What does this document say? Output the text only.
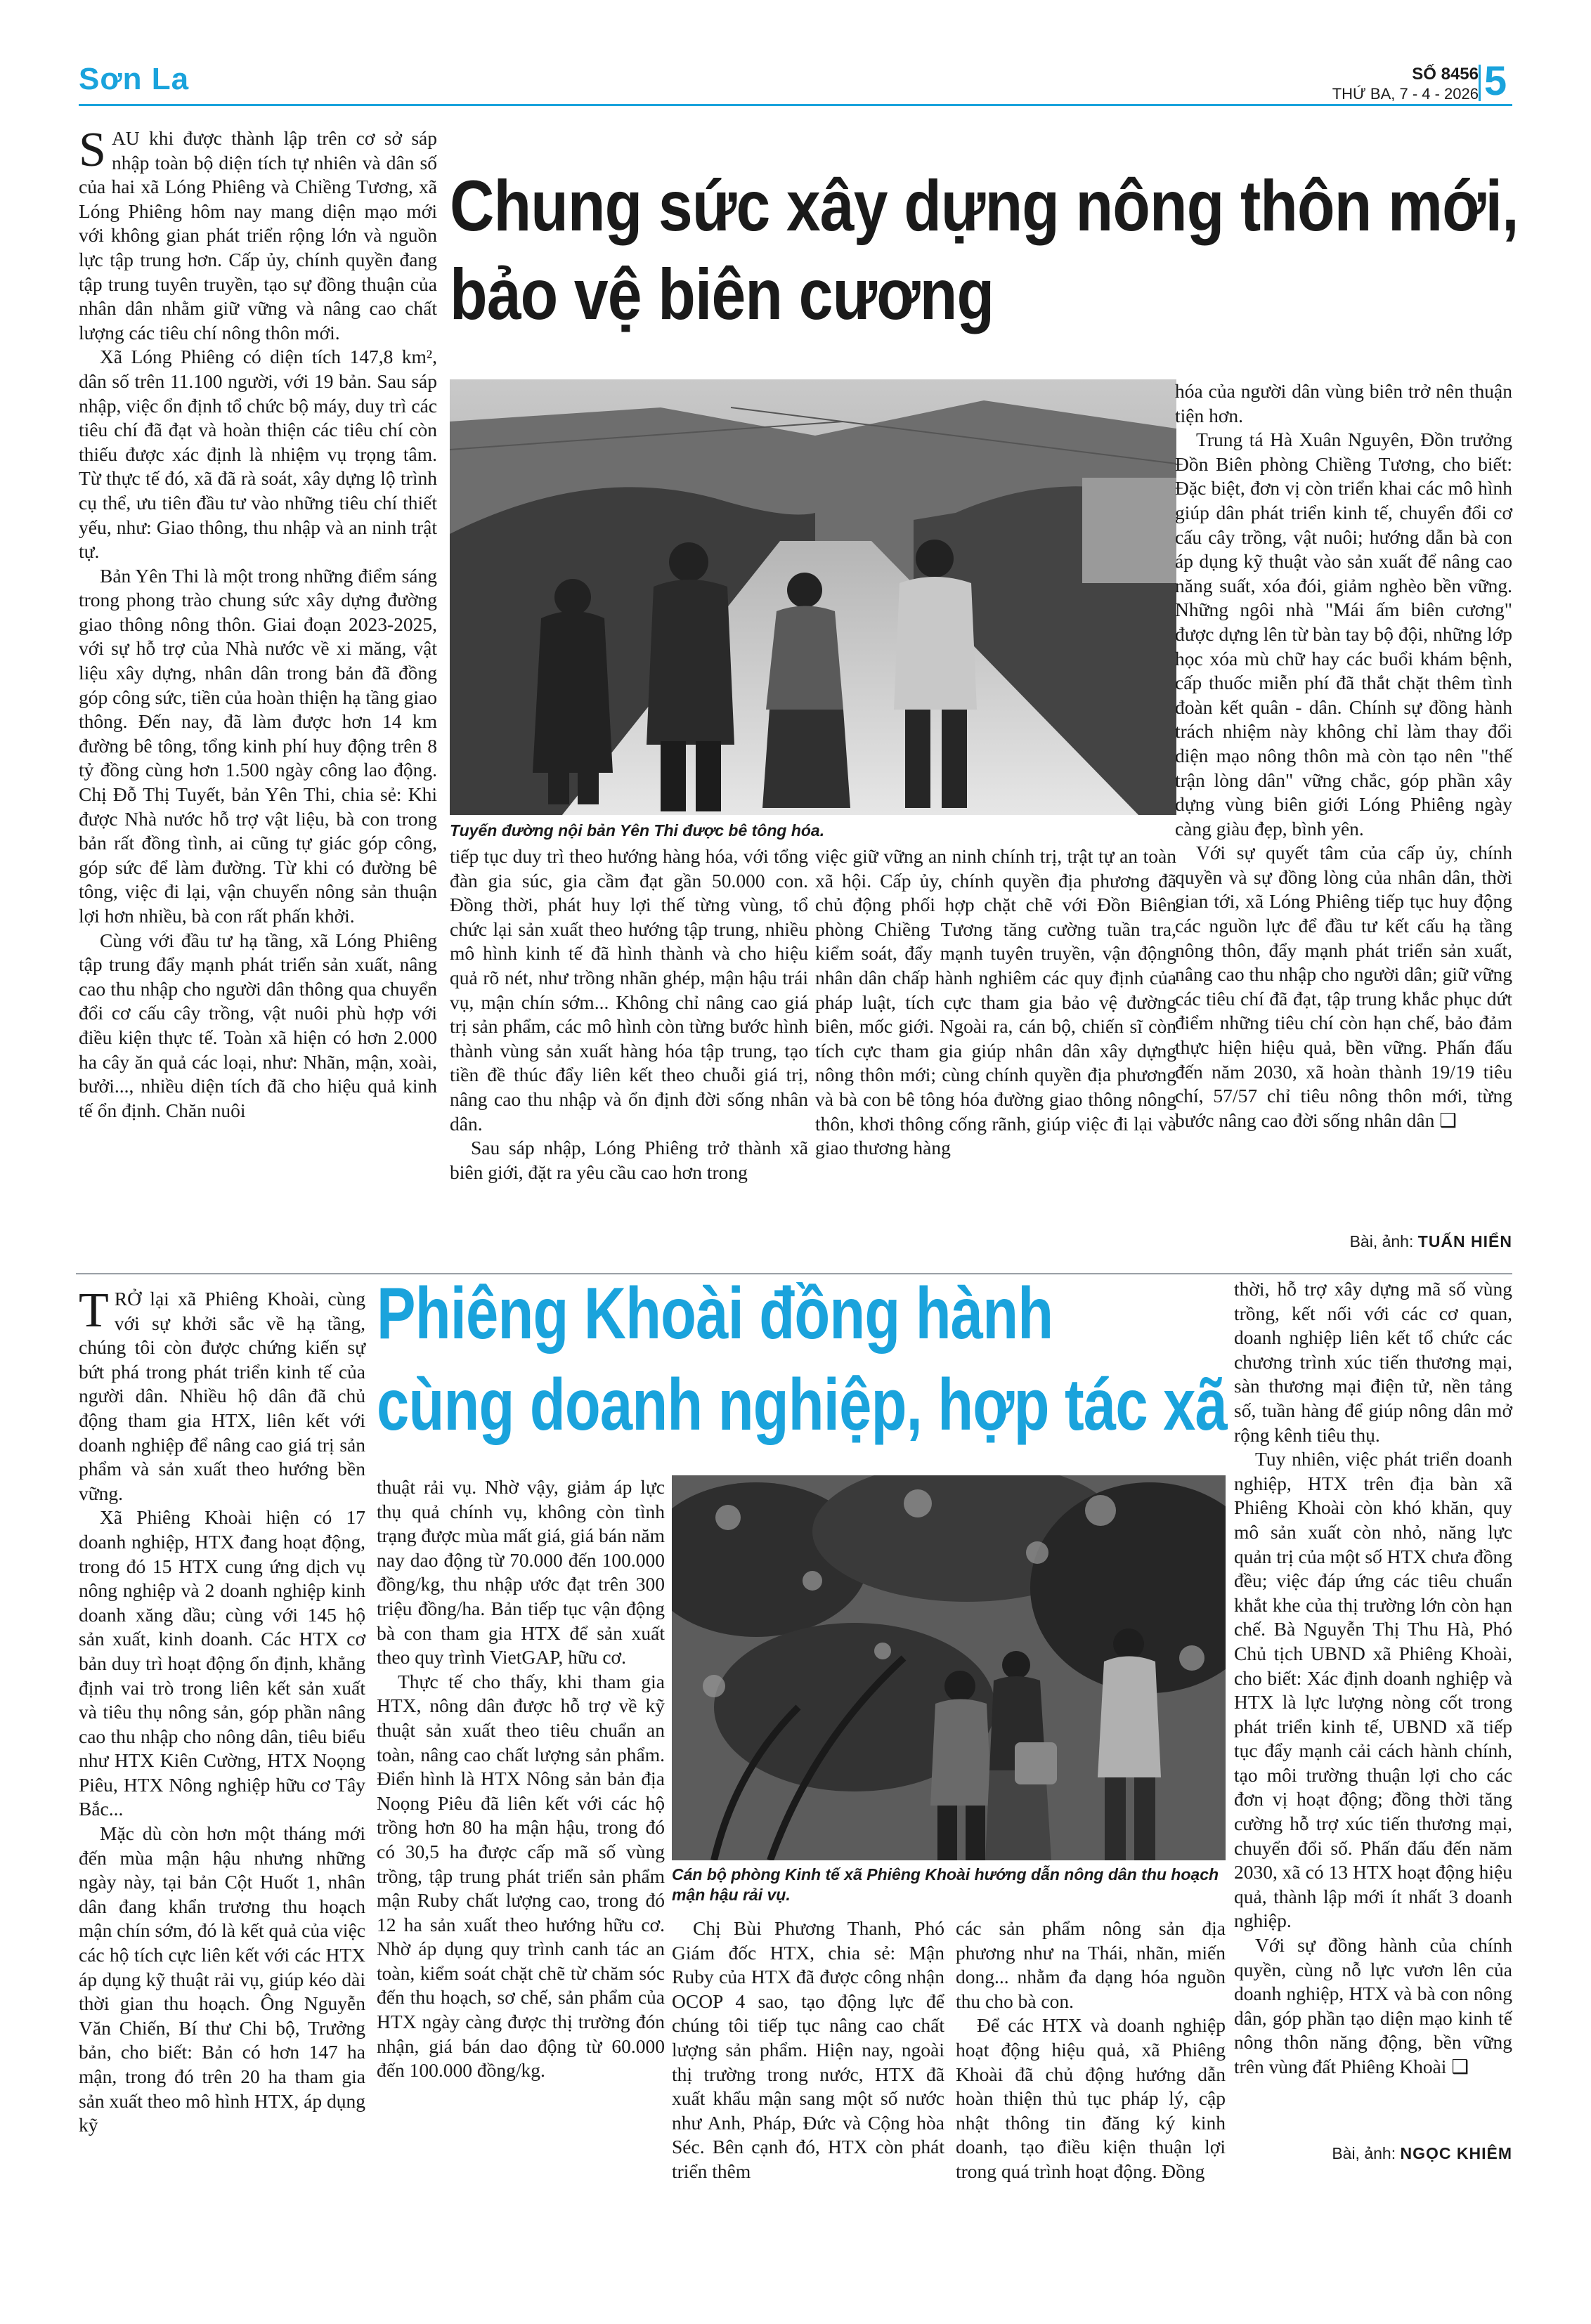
Sơn La	SỐ 8456
THỨ BA, 7 - 4 - 2026 5
Chung sức xây dựng nông thôn mới,
bảo vệ biên cương
SAU khi được thành lập trên cơ sở sáp nhập toàn bộ diện tích tự nhiên và dân số của hai xã Lóng Phiêng và Chiềng Tương, xã Lóng Phiêng hôm nay mang diện mạo mới với không gian phát triển rộng lớn và nguồn lực tập trung hơn. Cấp ủy, chính quyền đang tập trung tuyên truyền, tạo sự đồng thuận của nhân dân nhằm giữ vững và nâng cao chất lượng các tiêu chí nông thôn mới.
Xã Lóng Phiêng có diện tích 147,8 km², dân số trên 11.100 người, với 19 bản. Sau sáp nhập, việc ổn định tổ chức bộ máy, duy trì các tiêu chí đã đạt và hoàn thiện các tiêu chí còn thiếu được xác định là nhiệm vụ trọng tâm. Từ thực tế đó, xã đã rà soát, xây dựng lộ trình cụ thể, ưu tiên đầu tư vào những tiêu chí thiết yếu, như: Giao thông, thu nhập và an ninh trật tự.
Bản Yên Thi là một trong những điểm sáng trong phong trào chung sức xây dựng đường giao thông nông thôn. Giai đoạn 2023-2025, với sự hỗ trợ của Nhà nước về xi măng, vật liệu xây dựng, nhân dân trong bản đã đồng góp công sức, tiền của hoàn thiện hạ tầng giao thông. Đến nay, đã làm được hơn 14 km đường bê tông, tổng kinh phí huy động trên 8 tỷ đồng cùng hơn 1.500 ngày công lao động. Chị Đỗ Thị Tuyết, bản Yên Thi, chia sẻ: Khi được Nhà nước hỗ trợ vật liệu, bà con trong bản rất đồng tình, ai cũng tự giác góp công, góp sức để làm đường. Từ khi có đường bê tông, việc đi lại, vận chuyển nông sản thuận lợi hơn nhiều, bà con rất phấn khởi.
Cùng với đầu tư hạ tầng, xã Lóng Phiêng tập trung đẩy mạnh phát triển sản xuất, nâng cao thu nhập cho người dân thông qua chuyển đổi cơ cấu cây trồng, vật nuôi phù hợp với điều kiện thực tế. Toàn xã hiện có hơn 2.000 ha cây ăn quả các loại, như: Nhãn, mận, xoài, bưởi..., nhiều diện tích đã cho hiệu quả kinh tế ổn định. Chăn nuôi
Tuyến đường nội bản Yên Thi được bê tông hóa.
tiếp tục duy trì theo hướng hàng hóa, với tổng đàn gia súc, gia cầm đạt gần 50.000 con. Đồng thời, phát huy lợi thế từng vùng, tổ chức lại sản xuất theo hướng tập trung, nhiều mô hình kinh tế đã hình thành và cho hiệu quả rõ nét, như trồng nhãn ghép, mận hậu trái vụ, mận chín sớm... Không chỉ nâng cao giá trị sản phẩm, các mô hình còn từng bước hình thành vùng sản xuất hàng hóa tập trung, tạo tiền đề thúc đẩy liên kết theo chuỗi giá trị, nâng cao thu nhập và ổn định đời sống nhân dân.
Sau sáp nhập, Lóng Phiêng trở thành xã biên giới, đặt ra yêu cầu cao hơn trong
việc giữ vững an ninh chính trị, trật tự an toàn xã hội. Cấp ủy, chính quyền địa phương đã chủ động phối hợp chặt chẽ với Đồn Biên phòng Chiềng Tương tăng cường tuần tra, kiểm soát, đẩy mạnh tuyên truyền, vận động nhân dân chấp hành nghiêm các quy định của pháp luật, tích cực tham gia bảo vệ đường biên, mốc giới. Ngoài ra, cán bộ, chiến sĩ còn tích cực tham gia giúp nhân dân xây dựng nông thôn mới; cùng chính quyền địa phương và bà con bê tông hóa đường giao thông nông thôn, khơi thông cống rãnh, giúp việc đi lại và giao thương hàng
hóa của người dân vùng biên trở nên thuận tiện hơn.
Trung tá Hà Xuân Nguyên, Đồn trưởng Đồn Biên phòng Chiềng Tương, cho biết: Đặc biệt, đơn vị còn triển khai các mô hình giúp dân phát triển kinh tế, chuyển đổi cơ cấu cây trồng, vật nuôi; hướng dẫn bà con áp dụng kỹ thuật vào sản xuất để nâng cao năng suất, xóa đói, giảm nghèo bền vững. Những ngôi nhà "Mái ấm biên cương" được dựng lên từ bàn tay bộ đội, những lớp học xóa mù chữ hay các buổi khám bệnh, cấp thuốc miễn phí đã thắt chặt thêm tình đoàn kết quân - dân. Chính sự đồng hành trách nhiệm này không chỉ làm thay đổi diện mạo nông thôn mà còn tạo nên "thế trận lòng dân" vững chắc, góp phần xây dựng vùng biên giới Lóng Phiêng ngày càng giàu đẹp, bình yên.
Với sự quyết tâm của cấp ủy, chính quyền và sự đồng lòng của nhân dân, thời gian tới, xã Lóng Phiêng tiếp tục huy động các nguồn lực để đầu tư kết cấu hạ tầng nông thôn, đẩy mạnh phát triển sản xuất, nâng cao thu nhập cho người dân; giữ vững các tiêu chí đã đạt, tập trung khắc phục dứt điểm những tiêu chí còn hạn chế, bảo đảm thực hiện hiệu quả, bền vững. Phấn đấu đến năm 2030, xã hoàn thành 19/19 tiêu chí, 57/57 chỉ tiêu nông thôn mới, từng bước nâng cao đời sống nhân dân ❑
Bài, ảnh: TUẤN HIỂN
Phiêng Khoài đồng hành
cùng doanh nghiệp, hợp tác xã
TRỞ lại xã Phiêng Khoài, cùng với sự khởi sắc về hạ tầng, chúng tôi còn được chứng kiến sự bứt phá trong phát triển kinh tế của người dân. Nhiều hộ dân đã chủ động tham gia HTX, liên kết với doanh nghiệp để nâng cao giá trị sản phẩm và sản xuất theo hướng bền vững.
Xã Phiêng Khoài hiện có 17 doanh nghiệp, HTX đang hoạt động, trong đó 15 HTX cung ứng dịch vụ nông nghiệp và 2 doanh nghiệp kinh doanh xăng dầu; cùng với 145 hộ sản xuất, kinh doanh. Các HTX cơ bản duy trì hoạt động ổn định, khẳng định vai trò trong liên kết sản xuất và tiêu thụ nông sản, góp phần nâng cao thu nhập cho nông dân, tiêu biểu như HTX Kiên Cường, HTX Noọng Piêu, HTX Nông nghiệp hữu cơ Tây Bắc...
Mặc dù còn hơn một tháng mới đến mùa mận hậu nhưng những ngày này, tại bản Cột Huốt 1, nhân dân đang khẩn trương thu hoạch mận chín sớm, đó là kết quả của việc các hộ tích cực liên kết với các HTX áp dụng kỹ thuật rải vụ, giúp kéo dài thời gian thu hoạch. Ông Nguyễn Văn Chiến, Bí thư Chi bộ, Trưởng bản, cho biết: Bản có hơn 147 ha mận, trong đó trên 20 ha tham gia sản xuất theo mô hình HTX, áp dụng kỹ
thuật rải vụ. Nhờ vậy, giảm áp lực thụ quả chính vụ, không còn tình trạng được mùa mất giá, giá bán năm nay dao động từ 70.000 đến 100.000 đồng/kg, thu nhập ước đạt trên 300 triệu đồng/ha. Bản tiếp tục vận động bà con tham gia HTX để sản xuất theo quy trình VietGAP, hữu cơ.
Thực tế cho thấy, khi tham gia HTX, nông dân được hỗ trợ về kỹ thuật sản xuất theo tiêu chuẩn an toàn, nâng cao chất lượng sản phẩm. Điển hình là HTX Nông sản bản địa Noọng Piêu đã liên kết với các hộ trồng hơn 80 ha mận hậu, trong đó có 30,5 ha được cấp mã số vùng trồng, tập trung phát triển sản phẩm mận Ruby chất lượng cao, trong đó 12 ha sản xuất theo hướng hữu cơ. Nhờ áp dụng quy trình canh tác an toàn, kiểm soát chặt chẽ từ chăm sóc đến thu hoạch, sơ chế, sản phẩm của HTX ngày càng được thị trường đón nhận, giá bán dao động từ 60.000 đến 100.000 đồng/kg.
Cán bộ phòng Kinh tế xã Phiêng Khoài hướng dẫn nông dân thu hoạch mận hậu rải vụ.
Chị Bùi Phương Thanh, Phó Giám đốc HTX, chia sẻ: Mận Ruby của HTX đã được công nhận OCOP 4 sao, tạo động lực để chúng tôi tiếp tục nâng cao chất lượng sản phẩm. Hiện nay, ngoài thị trường trong nước, HTX đã xuất khẩu mận sang một số nước như Anh, Pháp, Đức và Cộng hòa Séc. Bên cạnh đó, HTX còn phát triển thêm
các sản phẩm nông sản địa phương như na Thái, nhãn, miến dong... nhằm đa dạng hóa nguồn thu cho bà con.
Để các HTX và doanh nghiệp hoạt động hiệu quả, xã Phiêng Khoài đã chủ động hướng dẫn hoàn thiện thủ tục pháp lý, cập nhật thông tin đăng ký kinh doanh, tạo điều kiện thuận lợi trong quá trình hoạt động. Đồng
thời, hỗ trợ xây dựng mã số vùng trồng, kết nối với các cơ quan, doanh nghiệp liên kết tổ chức các chương trình xúc tiến thương mại, sàn thương mại điện tử, nền tảng số, tuần hàng để giúp nông dân mở rộng kênh tiêu thụ.
Tuy nhiên, việc phát triển doanh nghiệp, HTX trên địa bàn xã Phiêng Khoài còn khó khăn, quy mô sản xuất còn nhỏ, năng lực quản trị của một số HTX chưa đồng đều; việc đáp ứng các tiêu chuẩn khắt khe của thị trường lớn còn hạn chế. Bà Nguyễn Thị Thu Hà, Phó Chủ tịch UBND xã Phiêng Khoài, cho biết: Xác định doanh nghiệp và HTX là lực lượng nòng cốt trong phát triển kinh tế, UBND xã tiếp tục đẩy mạnh cải cách hành chính, tạo môi trường thuận lợi cho các đơn vị hoạt động; đồng thời tăng cường hỗ trợ xúc tiến thương mại, chuyển đổi số. Phấn đấu đến năm 2030, xã có 13 HTX hoạt động hiệu quả, thành lập mới ít nhất 3 doanh nghiệp.
Với sự đồng hành của chính quyền, cùng nỗ lực vươn lên của doanh nghiệp, HTX và bà con nông dân, góp phần tạo diện mạo kinh tế nông thôn năng động, bền vững trên vùng đất Phiêng Khoài ❑
Bài, ảnh: NGỌC KHIÊM
